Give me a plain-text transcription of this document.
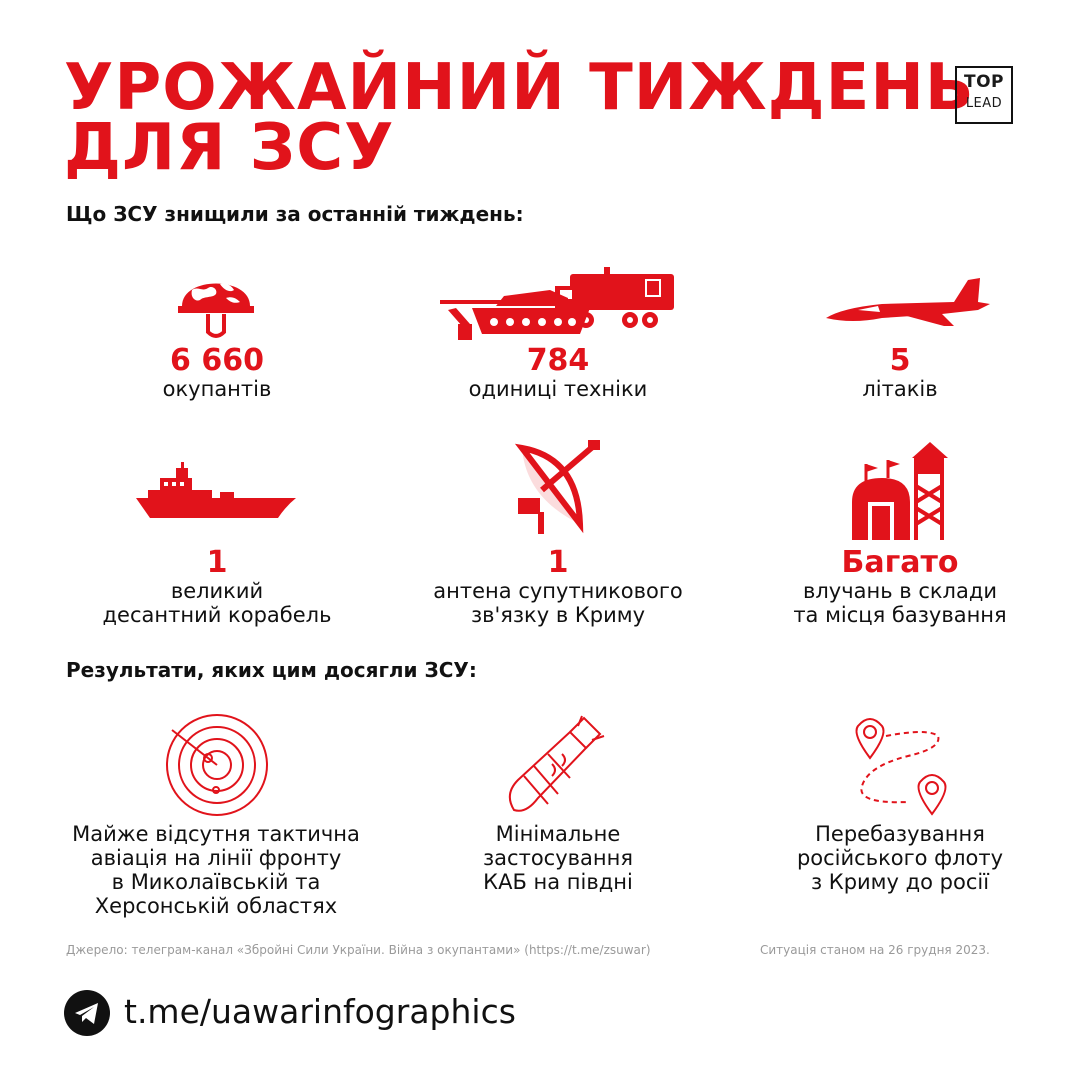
УРОЖАЙНИЙ ТИЖДЕНЬ
ДЛЯ ЗСУ
TOP
LEAD
Що ЗСУ знищили за останній тиждень:
6 660
окупантів
784
одиниці техніки
5
літаків
1
великий
десантний корабель
1
антена супутникового
зв'язку в Криму
Багато
влучань в склади
та місця базування
Результати, яких цим досягли ЗСУ:
Майже відсутня тактична
авіація на лінії фронту
в Миколаївській та
Херсонській областях
Мінімальне
застосування
КАБ на півдні
Перебазування
російського флоту
з Криму до росії
Джерело: телеграм-канал «Збройні Сили України. Війна з окупантами» (https://t.me/zsuwar)	Ситуація станом на 26 грудня 2023.
t.me/uawarinfographics
